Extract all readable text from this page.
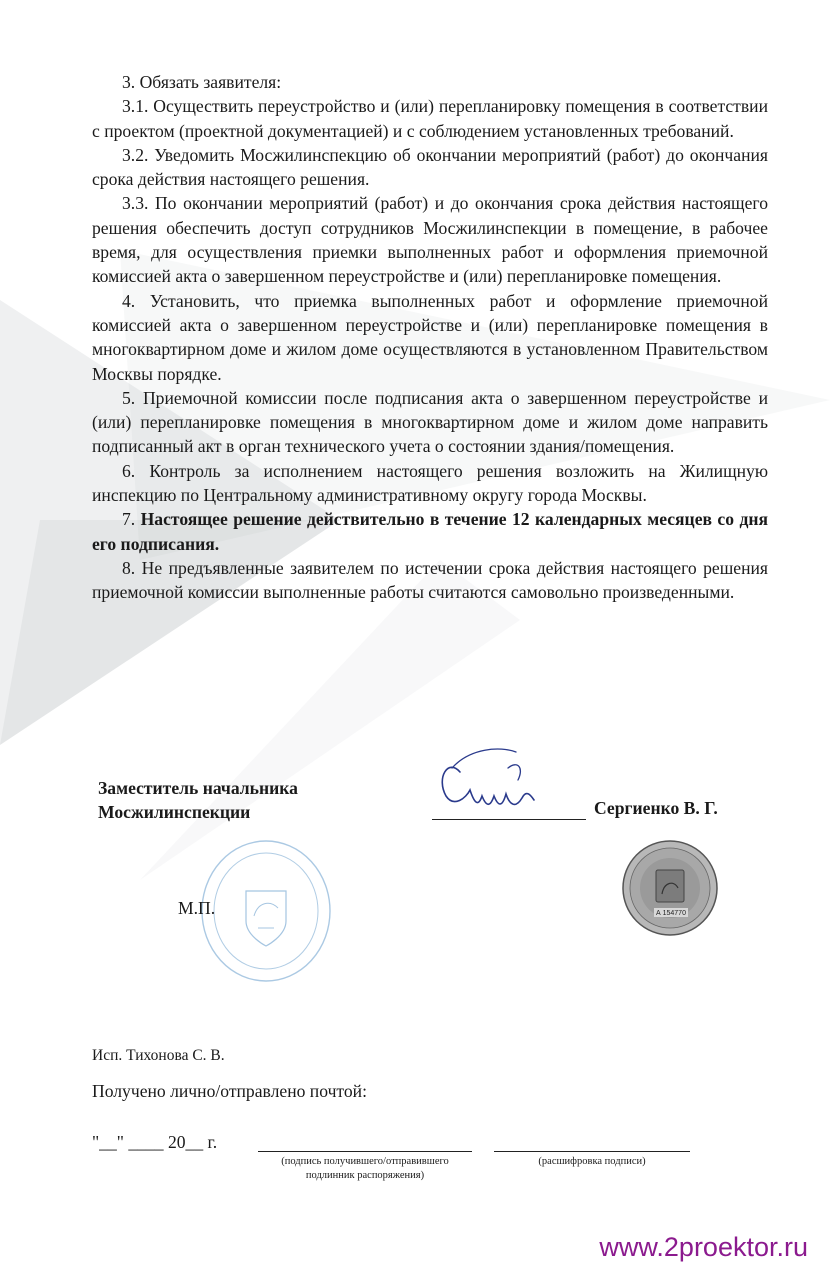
3. Обязать заявителя:

3.1. Осуществить переустройство и (или) перепланировку помещения в соответствии с проектом (проектной документацией) и с соблюдением установленных требований.

3.2. Уведомить Мосжилинспекцию об окончании мероприятий (работ) до окончания срока действия настоящего решения.

3.3. По окончании мероприятий (работ) и до окончания срока действия настоящего решения обеспечить доступ сотрудников Мосжилинспекции в помещение, в рабочее время, для осуществления приемки выполненных работ и оформления приемочной комиссией акта о завершенном переустройстве и (или) перепланировке помещения.

4. Установить, что приемка выполненных работ и оформление приемочной комиссией акта о завершенном переустройстве и (или) перепланировке помещения в многоквартирном доме и жилом доме осуществляются в установленном Правительством Москвы порядке.

5. Приемочной комиссии после подписания акта о завершенном переустройстве и (или) перепланировке помещения в многоквартирном доме и жилом доме направить подписанный акт в орган технического учета о состоянии здания/помещения.

6. Контроль за исполнением настоящего решения возложить на Жилищную инспекцию по Центральному административному округу города Москвы.

7. Настоящее решение действительно в течение 12 календарных месяцев со дня его подписания.

8. Не предъявленные заявителем по истечении срока действия настоящего решения приемочной комиссии выполненные работы считаются самовольно произведенными.

Заместитель начальника
Мосжилинспекции	Сергиенко В. Г.
М.П.	А 154770
Исп. Тихонова С. В.
Получено лично/отправлено почтой:
"__" ____ 20__ г.
(подпись получившего/отправившего подлинник распоряжения)
(расшифровка подписи)
www.2proektor.ru
